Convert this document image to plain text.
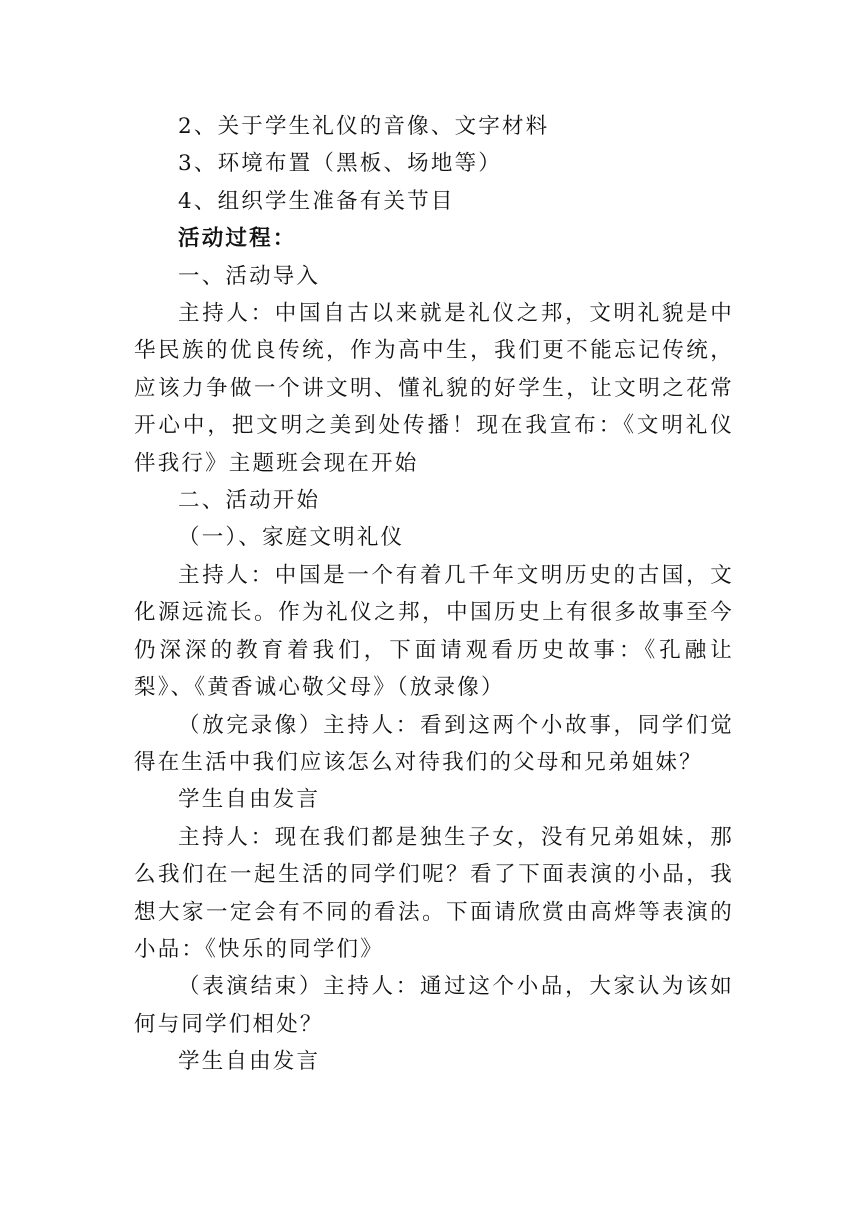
2、关于学生礼仪的音像、文字材料

3、环境布置（黑板、场地等）

4、组织学生准备有关节目

活动过程：

一、活动导入

主持人：中国自古以来就是礼仪之邦，文明礼貌是中华民族的优良传统，作为高中生，我们更不能忘记传统，应该力争做一个讲文明、懂礼貌的好学生，让文明之花常开心中，把文明之美到处传播！现在我宣布：《文明礼仪伴我行》主题班会现在开始

二、活动开始

（一）、家庭文明礼仪

主持人：中国是一个有着几千年文明历史的古国，文化源远流长。作为礼仪之邦，中国历史上有很多故事至今仍深深的教育着我们，下面请观看历史故事：《孔融让梨》、《黄香诚心敬父母》（放录像）

（放完录像）主持人：看到这两个小故事，同学们觉得在生活中我们应该怎么对待我们的父母和兄弟姐妹？

学生自由发言

主持人：现在我们都是独生子女，没有兄弟姐妹，那么我们在一起生活的同学们呢？看了下面表演的小品，我想大家一定会有不同的看法。下面请欣赏由高烨等表演的小品：《快乐的同学们》

（表演结束）主持人：通过这个小品，大家认为该如何与同学们相处？

学生自由发言
